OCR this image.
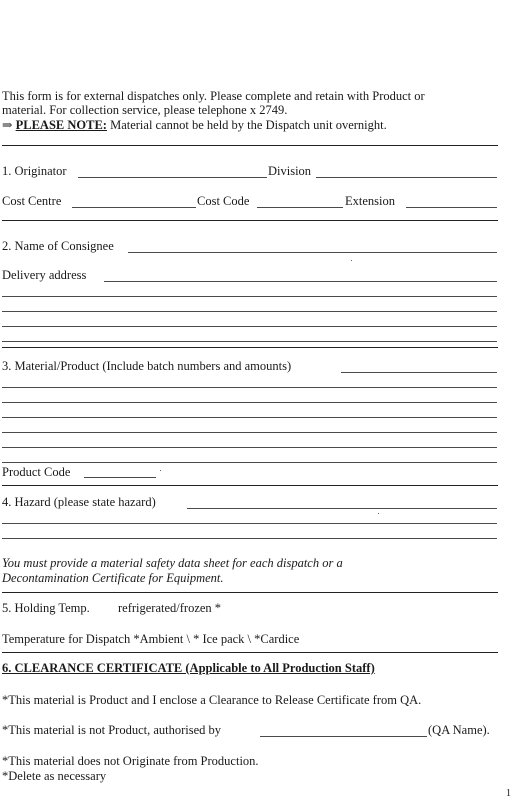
This form is for external dispatches only. Please complete and retain with Product or
material. For collection service, please telephone x 2749.
⇒ PLEASE NOTE: Material cannot be held by the Dispatch unit overnight.
1. Originator	Division
Cost Centre	Cost Code	Extension
2. Name of Consignee
Delivery address
3. Material/Product (Include batch numbers and amounts)
Product Code
4. Hazard (please state hazard)
You must provide a material safety data sheet for each dispatch or a
Decontamination Certificate for Equipment.
5. Holding Temp. refrigerated/frozen *
Temperature for Dispatch *Ambient \ * Ice pack \ *Cardice
6. CLEARANCE CERTIFICATE (Applicable to All Production Staff)
*This material is Product and I enclose a Clearance to Release Certificate from QA.
*This material is not Product, authorised by	(QA Name).
*This material does not Originate from Production.
*Delete as necessary
1
